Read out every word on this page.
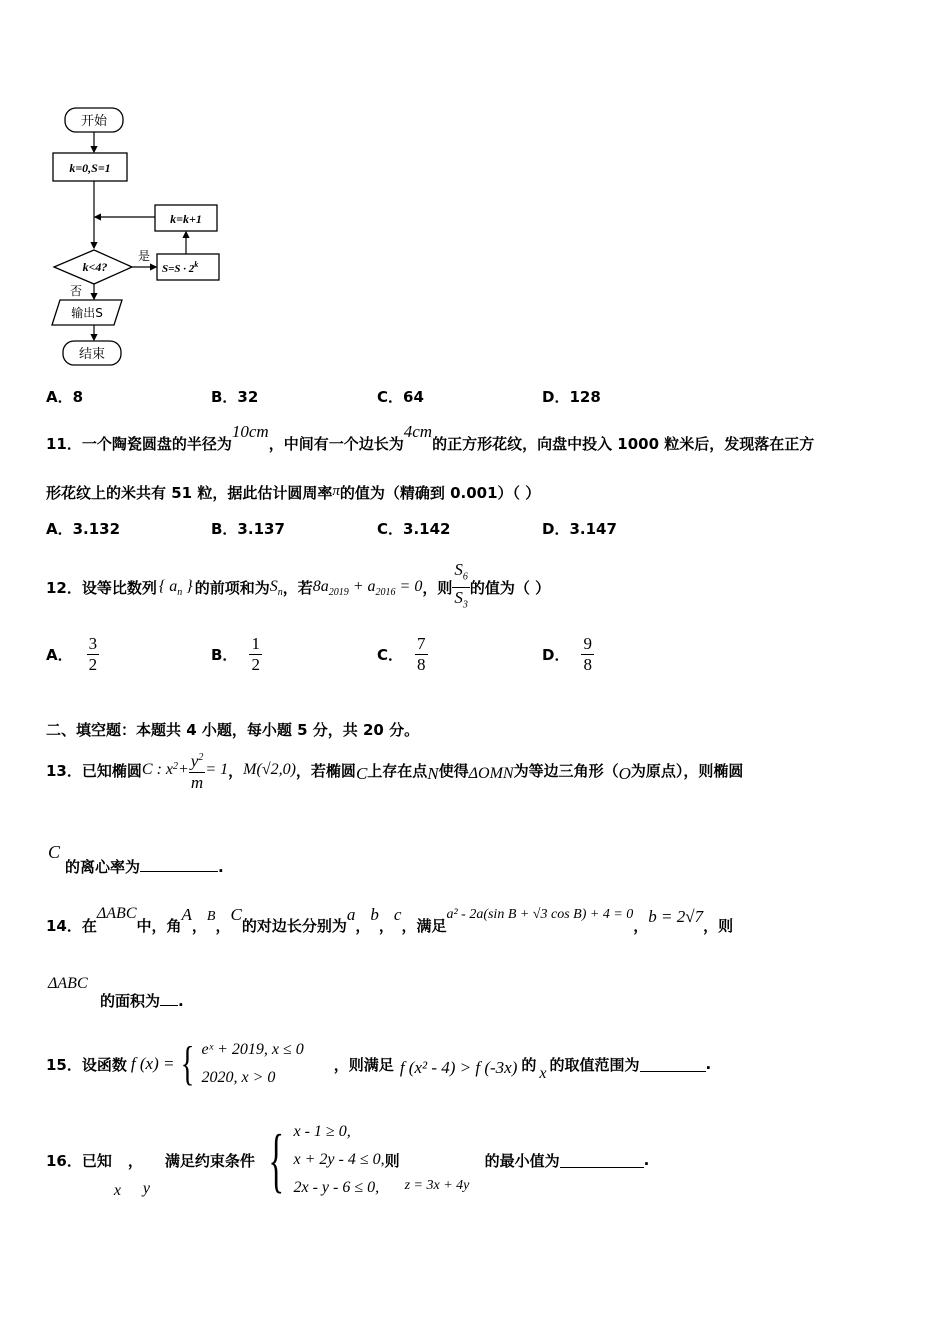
开始
k=0,S=1
k=k+1
k<4?
是
$S=S \cdot 2^k$
否
输出S
结束
A．8	B．32	C．64	D．128
11．一个陶瓷圆盘的半径为10cm，中间有一个边长为4cm的正方形花纹，向盘中投入 1000 粒米后，发现落在正方
形花纹上的米共有 51 粒，据此估计圆周率π的值为（精确到 0.001）（ ）
A．3.132	B．3.137	C．3.142	D．3.147
12． 设等比数列 { $a_n$ } 的前项和为 $S_n$ ，若 $8a_{2019} + a_{2016} = 0$ ，则 $\frac{S_6}{S_3}$ 的值为（ ）
A． $\frac{3}{2}$	B． $\frac{1}{2}$	C． $\frac{7}{8}$	D． $\frac{9}{8}$
二、填空题：本题共 4 小题，每小题 5 分，共 20 分。
13． 已知椭圆 C : $x^2 + \frac{y^2}{m} = 1$ ， M(√2,0) ，若椭圆 C 上存在点 N 使得 ΔOMN 为等边三角形（ O 为原点），则椭圆
C
的离心率为	.
14． 在
ΔABC
中，角
A
，
B
，
C
的对边长分别为
a
，
b
，
c
，满足
a² - 2a(sin B + √3 cos B) + 4 = 0
， b = 2√7 ，则
ΔABC
的面积为 .
15． 设函数 f (x) = { eˣ + 2019, x ≤ 0
2020, x > 0
，则满足 f (x² - 4) > f (-3x) 的 x 的取值范围为	.
16． 已知
x
，
y
满足约束条件 { x - 1 ≥ 0,
x + 2y - 4 ≤ 0,
2x - y - 6 ≤ 0,
则
z = 3x + 4y
的最小值为	.
